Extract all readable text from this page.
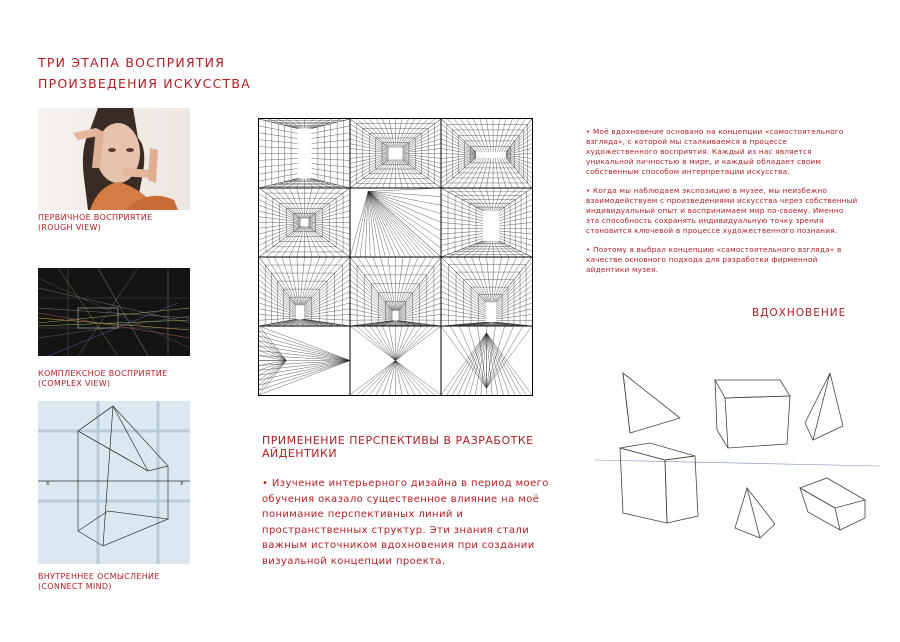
ТРИ ЭТАПА ВОСПРИЯТИЯ
ПРОИЗВЕДЕНИЯ ИСКУССТВА
ПЕРВИЧНОЕ ВОСПРИЯТИЕ
(ROUGH VIEW)
КОМПЛЕКСНОЕ ВОСПРИЯТИЕ
(COMPLEX VIEW)
x	x
ВНУТРЕННЕЕ ОСМЫСЛЕНИЕ
(CONNECT MIND)

• Моё вдохновение основано на концепции «самостоятельного взгляда», с которой мы сталкиваемся в процессе художественного восприятия. Каждый из нас является уникальной личностью в мире, и каждый обладает своим собственным способом интерпретации искусства.

• Когда мы наблюдаем экспозицию в музее, мы неизбежно взаимодействуем с произведениями искусства через собственный индивидуальный опыт и воспринимаем мир по-своему. Именно эта способность сохранять индивидуальную точку зрения становится ключевой в процессе художественного познания.

• Поэтому я выбрал концепцию «самостоятельного взгляда» в качестве основного подхода для разработки фирменной айдентики музея.

ВДОХНОВЕНИЕ
ПРИМЕНЕНИЕ ПЕРСПЕКТИВЫ В РАЗРАБОТКЕ АЙДЕНТИКИ
• Изучение интерьерного дизайна в период моего обучения оказало существенное влияние на моё понимание перспективных линий и пространственных структур. Эти знания стали важным источником вдохновения при создании визуальной концепции проекта.
